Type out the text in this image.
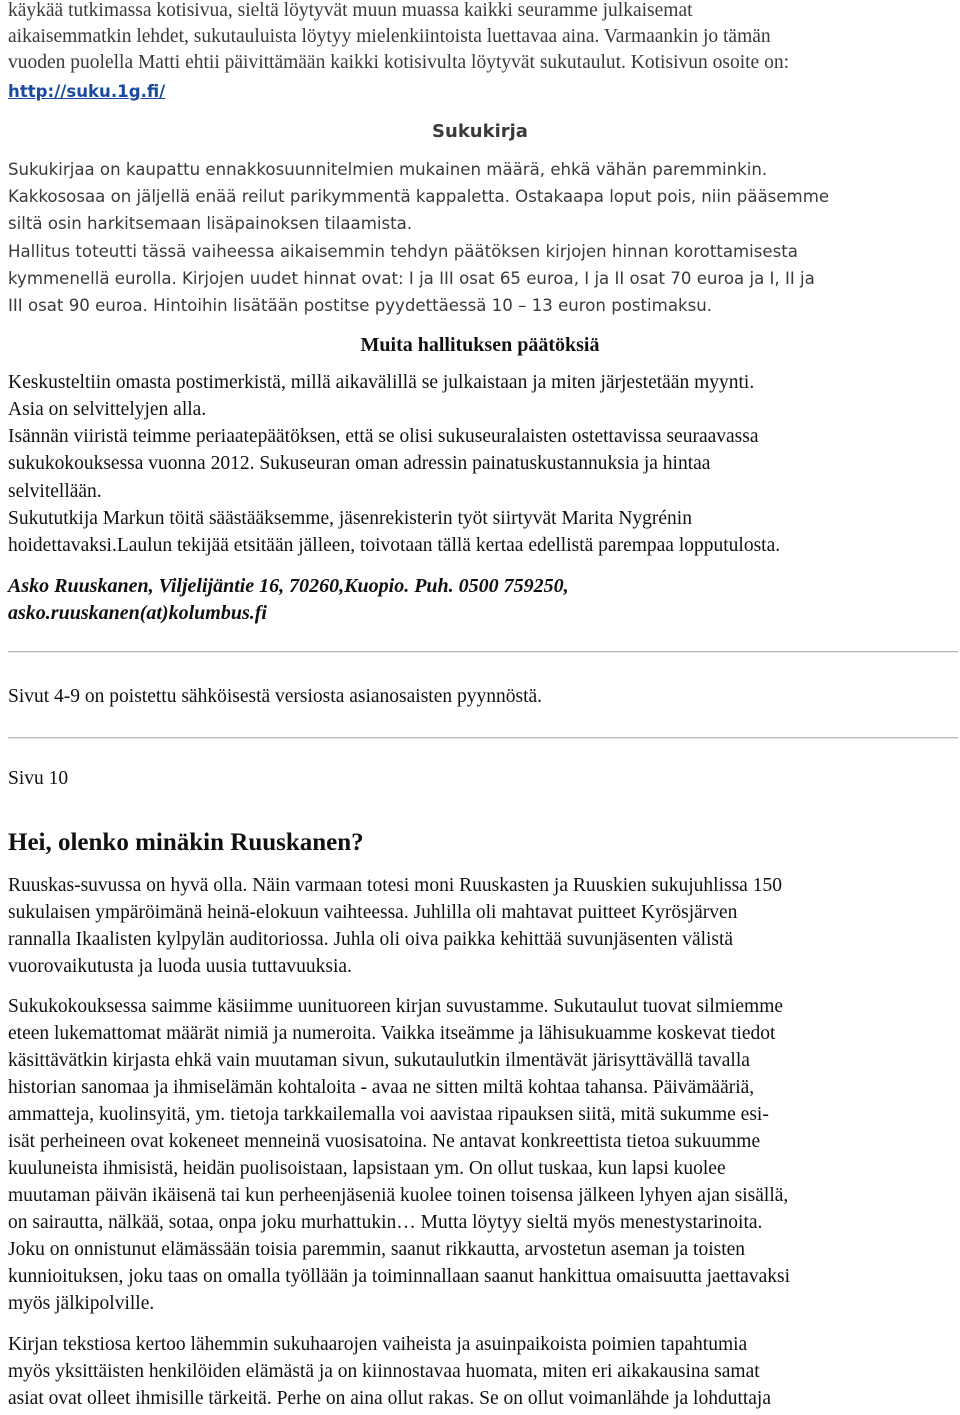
käykää tutkimassa kotisivua, sieltä löytyvät muun muassa kaikki seuramme julkaisemat
aikaisemmatkin lehdet, sukutauluista löytyy mielenkiintoista luettavaa aina. Varmaankin jo tämän
vuoden puolella Matti ehtii päivittämään kaikki kotisivulta löytyvät sukutaulut. Kotisivun osoite on:
http://suku.1g.fi/
Sukukirja
Sukukirjaa on kaupattu ennakkosuunnitelmien mukainen määrä, ehkä vähän paremminkin.
Kakkososaa on jäljellä enää reilut parikymmentä kappaletta. Ostakaapa loput pois, niin pääsemme
siltä osin harkitsemaan lisäpainoksen tilaamista.
Hallitus toteutti tässä vaiheessa aikaisemmin tehdyn päätöksen kirjojen hinnan korottamisesta
kymmenellä eurolla. Kirjojen uudet hinnat ovat: I ja III osat 65 euroa, I ja II osat 70 euroa ja I, II ja
III osat 90 euroa. Hintoihin lisätään postitse pyydettäessä 10 – 13 euron postimaksu.
Muita hallituksen päätöksiä
Keskusteltiin omasta postimerkistä, millä aikavälillä se julkaistaan ja miten järjestetään myynti.
Asia on selvittelyjen alla.
Isännän viiristä teimme periaatepäätöksen, että se olisi sukuseuralaisten ostettavissa seuraavassa
sukukokouksessa vuonna 2012. Sukuseuran oman adressin painatuskustannuksia ja hintaa
selvitellään.
Sukututkija Markun töitä säästääksemme, jäsenrekisterin työt siirtyvät Marita Nygrénin
hoidettavaksi.Laulun tekijää etsitään jälleen, toivotaan tällä kertaa edellistä parempaa lopputulosta.
Asko Ruuskanen, Viljelijäntie 16, 70260,Kuopio. Puh. 0500 759250,
asko.ruuskanen(at)kolumbus.fi
Sivut 4-9 on poistettu sähköisestä versiosta asianosaisten pyynnöstä.
Sivu 10
Hei, olenko minäkin Ruuskanen?
Ruuskas-suvussa on hyvä olla. Näin varmaan totesi moni Ruuskasten ja Ruuskien sukujuhlissa 150
sukulaisen ympäröimänä heinä-elokuun vaihteessa. Juhlilla oli mahtavat puitteet Kyrösjärven
rannalla Ikaalisten kylpylän auditoriossa. Juhla oli oiva paikka kehittää suvunjäsenten välistä
vuorovaikutusta ja luoda uusia tuttavuuksia.
Sukukokouksessa saimme käsiimme uunituoreen kirjan suvustamme. Sukutaulut tuovat silmiemme
eteen lukemattomat määrät nimiä ja numeroita. Vaikka itseämme ja lähisukuamme koskevat tiedot
käsittävätkin kirjasta ehkä vain muutaman sivun, sukutaulutkin ilmentävät järisyttävällä tavalla
historian sanomaa ja ihmiselämän kohtaloita - avaa ne sitten miltä kohtaa tahansa. Päivämääriä,
ammatteja, kuolinsyitä, ym. tietoja tarkkailemalla voi aavistaa ripauksen siitä, mitä sukumme esi-
isät perheineen ovat kokeneet menneinä vuosisatoina. Ne antavat konkreettista tietoa sukuumme
kuuluneista ihmisistä, heidän puolisoistaan, lapsistaan ym. On ollut tuskaa, kun lapsi kuolee
muutaman päivän ikäisenä tai kun perheenjäseniä kuolee toinen toisensa jälkeen lyhyen ajan sisällä,
on sairautta, nälkää, sotaa, onpa joku murhattukin… Mutta löytyy sieltä myös menestystarinoita.
Joku on onnistunut elämässään toisia paremmin, saanut rikkautta, arvostetun aseman ja toisten
kunnioituksen, joku taas on omalla työllään ja toiminnallaan saanut hankittua omaisuutta jaettavaksi
myös jälkipolville.
Kirjan tekstiosa kertoo lähemmin sukuhaarojen vaiheista ja asuinpaikoista poimien tapahtumia
myös yksittäisten henkilöiden elämästä ja on kiinnostavaa huomata, miten eri aikakausina samat
asiat ovat olleet ihmisille tärkeitä. Perhe on aina ollut rakas. Se on ollut voimanlähde ja lohduttaja
